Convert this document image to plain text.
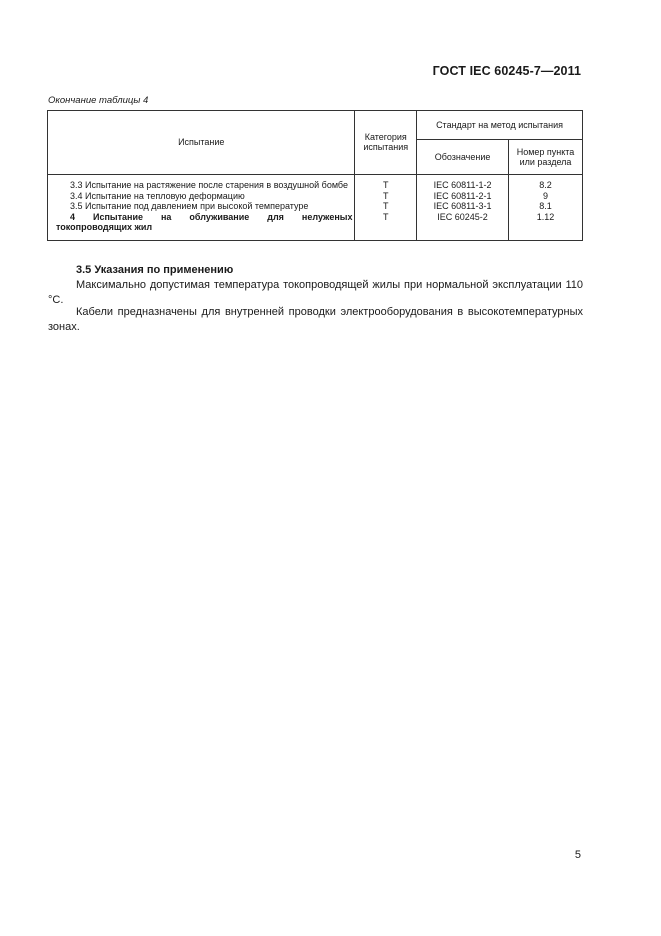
ГОСТ IEC 60245-7—2011
Окончание таблицы 4
Испытание	Категория испытания	Стандарт на метод испытания	
		Обозначение	Номер пункта или раздела

3.3 Испытание на растяжение после старения в воздушной бомбе	Т	IEC 60811-1-2	8.2

3.4 Испытание на тепловую деформацию	Т	IEC 60811-2-1	9

3.5 Испытание под давлением при высокой температуре	Т	IEC 60811-3-1	8.1

4 Испытание на облуживание для нелуженых токопроводящих жил	Т	IEC 60245-2	1.12
3.5 Указания по применению
Максимально допустимая температура токопроводящей жилы при нормальной эксплуатации 110 °С.
Кабели предназначены для внутренней проводки электрооборудования в высокотемпературных зонах.
5
